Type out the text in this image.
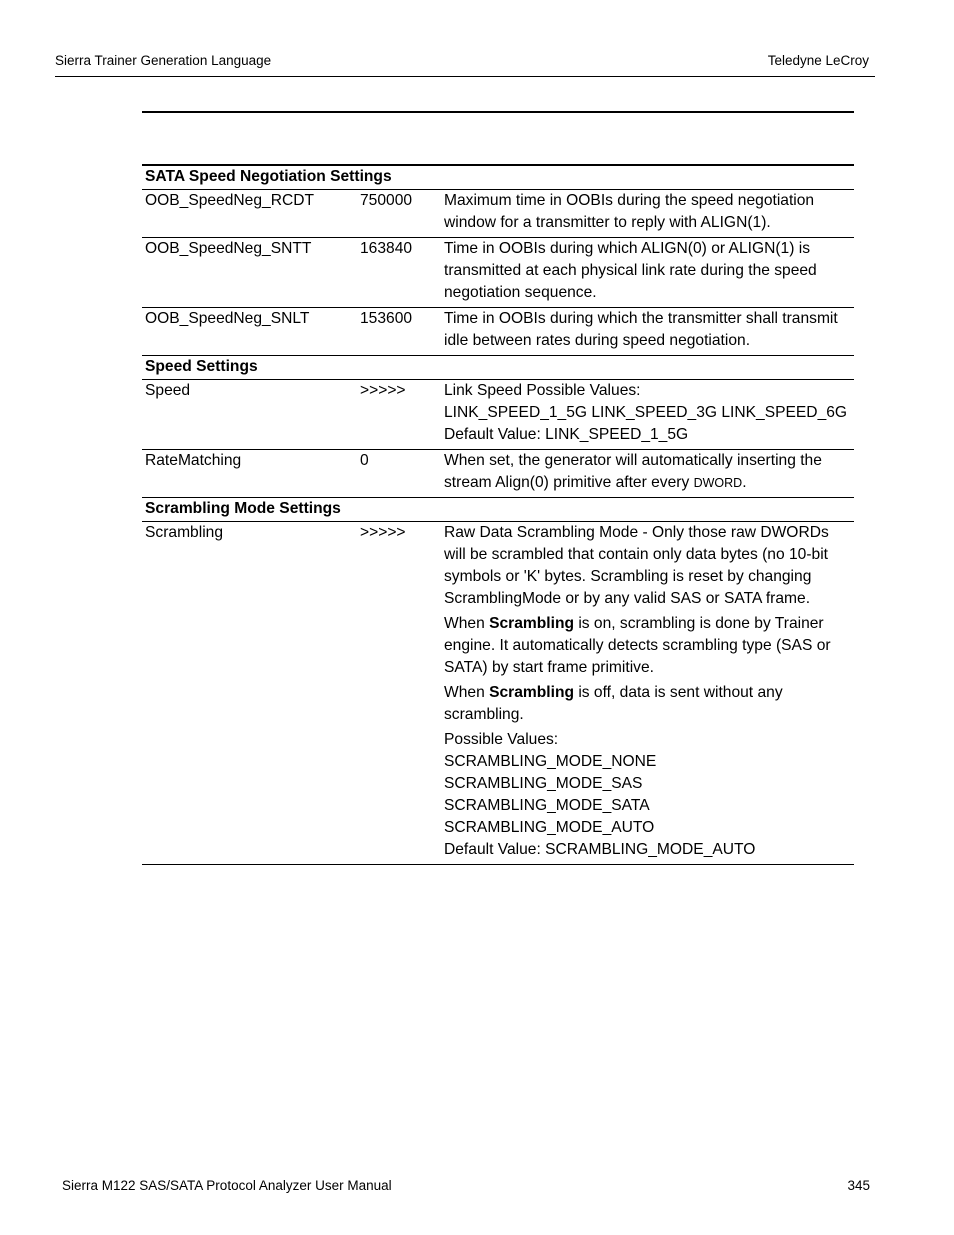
Sierra Trainer Generation Language	Teledyne LeCroy
SATA Speed Negotiation Settings
OOB_SpeedNeg_RCDT	750000	Maximum time in OOBIs during the speed negotiation window for a transmitter to reply with ALIGN(1).
OOB_SpeedNeg_SNTT	163840	Time in OOBIs during which ALIGN(0) or ALIGN(1) is transmitted at each physical link rate during the speed negotiation sequence.
OOB_SpeedNeg_SNLT	153600	Time in OOBIs during which the transmitter shall transmit idle between rates during speed negotiation.
Speed Settings
Speed	>>>>>	Link Speed Possible Values:
LINK_SPEED_1_5G LINK_SPEED_3G LINK_SPEED_6G
Default Value: LINK_SPEED_1_5G
RateMatching	0	When set, the generator will automatically inserting the stream Align(0) primitive after every DWORD.
Scrambling Mode Settings
Scrambling	>>>>>	Raw Data Scrambling Mode - Only those raw DWORDs will be scrambled that contain only data bytes (no 10-bit symbols or 'K' bytes. Scrambling is reset by changing ScramblingMode or by any valid SAS or SATA frame.
When Scrambling is on, scrambling is done by Trainer engine. It automatically detects scrambling type (SAS or SATA) by start frame primitive.
When Scrambling is off, data is sent without any scrambling.
Possible Values:
SCRAMBLING_MODE_NONE
SCRAMBLING_MODE_SAS
SCRAMBLING_MODE_SATA
SCRAMBLING_MODE_AUTO
Default Value: SCRAMBLING_MODE_AUTO
Sierra M122 SAS/SATA Protocol Analyzer User Manual	345
